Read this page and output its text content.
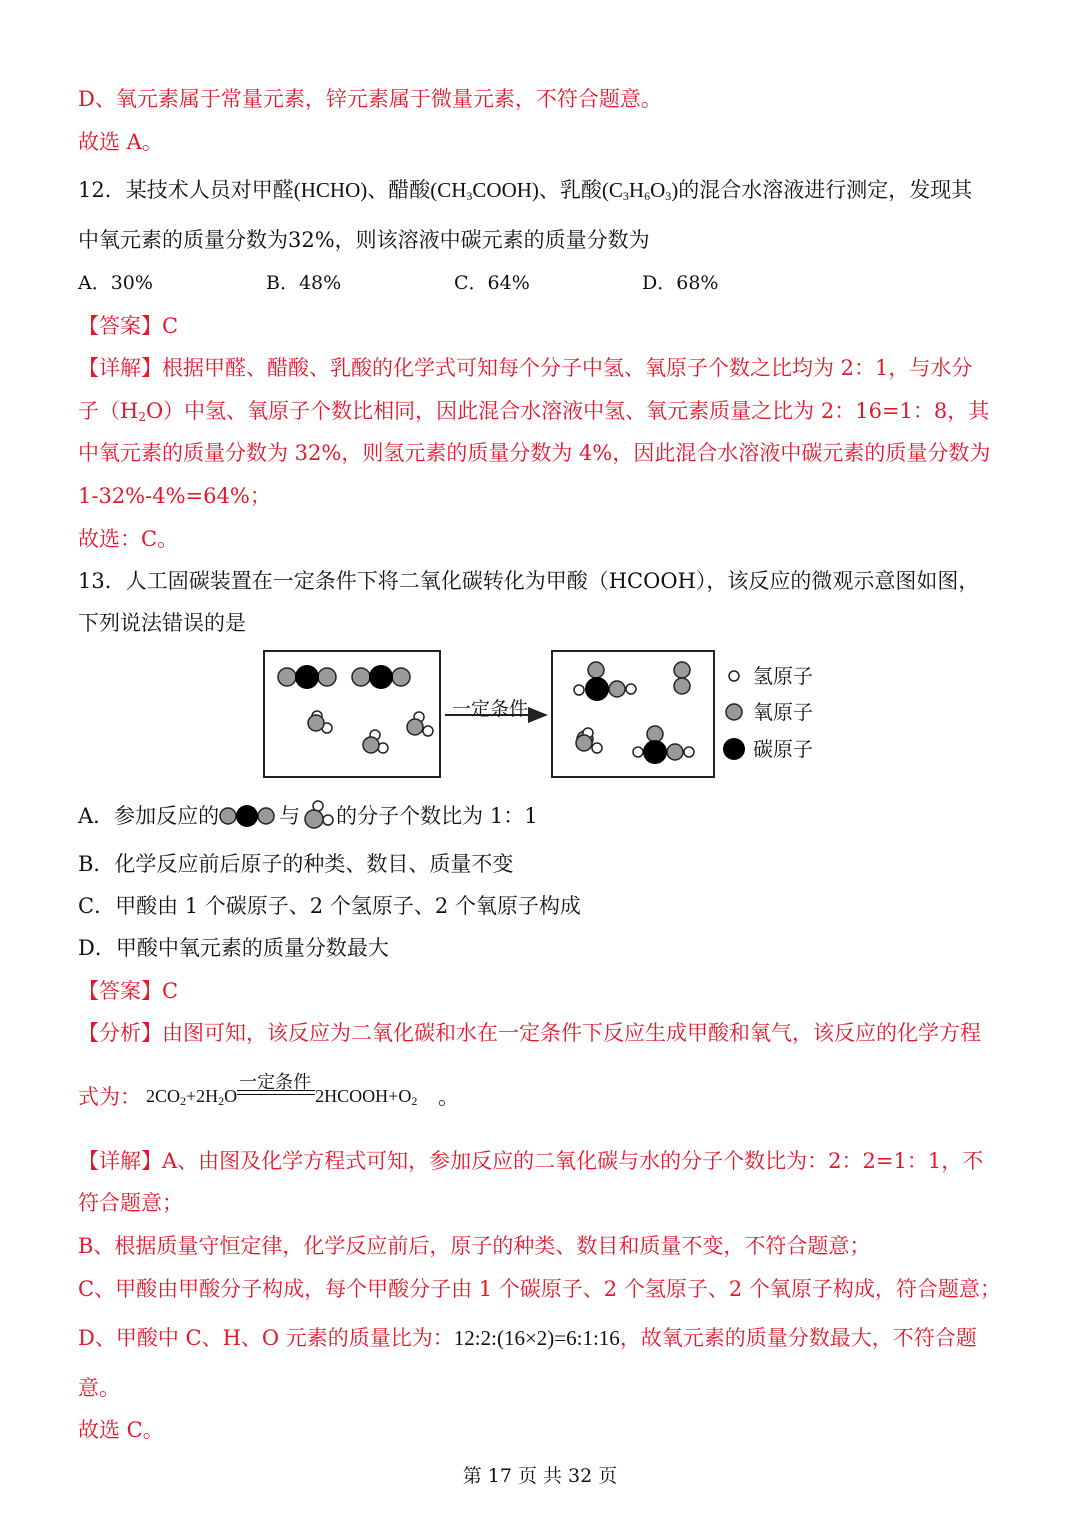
D、氧元素属于常量元素，锌元素属于微量元素，不符合题意。
故选 A。
12．某技术人员对甲醛(HCHO)、醋酸$(CH_3COOH)$、乳酸$(C_3H_6O_3)$的混合水溶液进行测定，发现其
中氧元素的质量分数为32%，则该溶液中碳元素的质量分数为
A．30%	B．48%	C．64%	D．68%
【答案】C
【详解】根据甲醛、醋酸、乳酸的化学式可知每个分子中氢、氧原子个数之比均为 2：1，与水分
子$(H_2O)$中氢、氧原子个数比相同，因此混合水溶液中氢、氧元素质量之比为 2：16=1：8，其
中氧元素的质量分数为 32%，则氢元素的质量分数为 4%，因此混合水溶液中碳元素的质量分数为
1-32%-4%=64%；
故选：C。
13．人工固碳装置在一定条件下将二氧化碳转化为甲酸（HCOOH），该反应的微观示意图如图，
下列说法错误的是
一定条件
氢原子
氧原子
碳原子
A．参加反应的	与 的分子个数比为 1：1
B．化学反应前后原子的种类、数目、质量不变
C．甲酸由 1 个碳原子、2 个氢原子、2 个氧原子构成
D．甲酸中氧元素的质量分数最大
【答案】C
【分析】由图可知，该反应为二氧化碳和水在一定条件下反应生成甲酸和氧气，该反应的化学方程
式为： $2CO_2+2H_2O$
一定条件
$2HCOOH+O_2$ 。
【详解】A、由图及化学方程式可知，参加反应的二氧化碳与水的分子个数比为：2：2=1：1，不
符合题意；
B、根据质量守恒定律，化学反应前后，原子的种类、数目和质量不变，不符合题意；
C、甲酸由甲酸分子构成，每个甲酸分子由 1 个碳原子、2 个氢原子、2 个氧原子构成，符合题意；
D、甲酸中 C、H、O 元素的质量比为：12:2:(16×2)=6:1:16，故氧元素的质量分数最大，不符合题
意。
故选 C。
第 17 页 共 32 页
